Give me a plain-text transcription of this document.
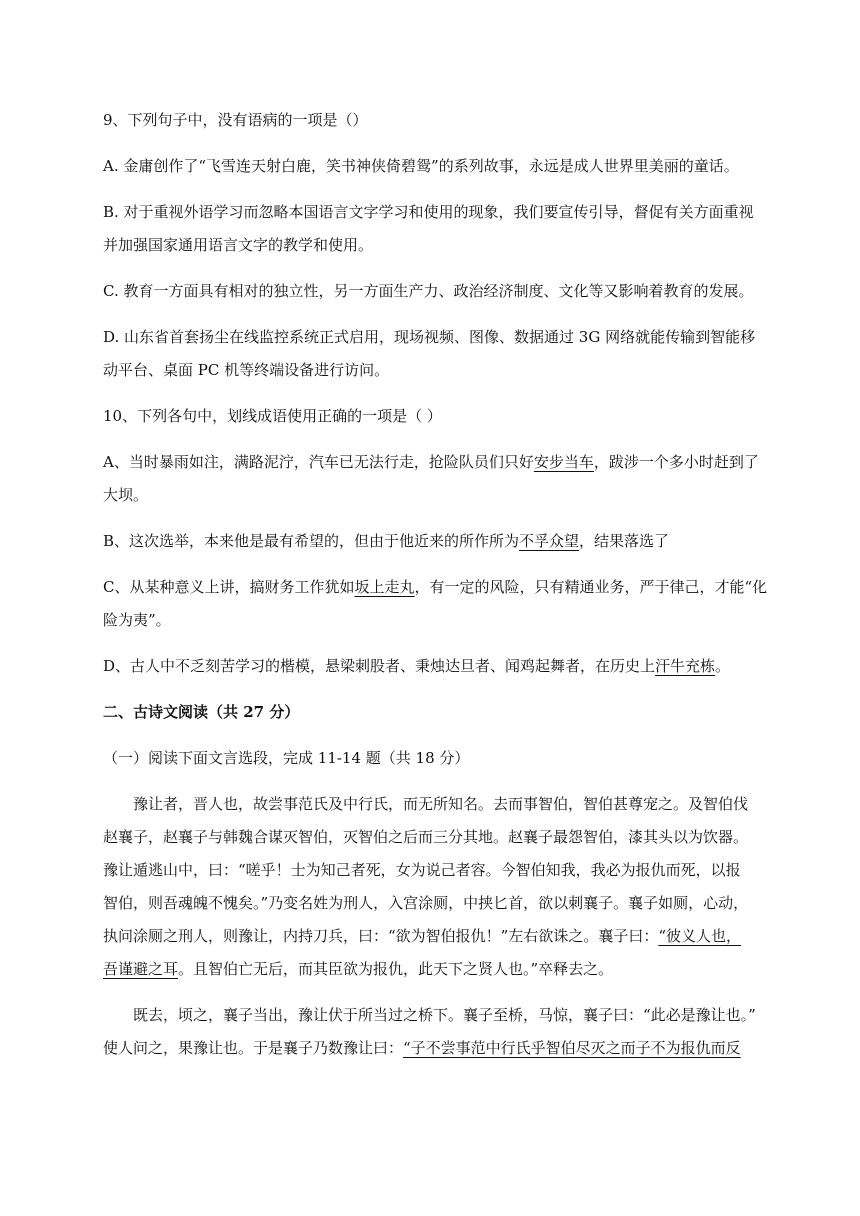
9、下列句子中，没有语病的一项是（）
A. 金庸创作了“飞雪连天射白鹿，笑书神侠倚碧鸳”的系列故事，永远是成人世界里美丽的童话。
B. 对于重视外语学习而忽略本国语言文字学习和使用的现象，我们要宣传引导，督促有关方面重视
并加强国家通用语言文字的教学和使用。
C. 教育一方面具有相对的独立性，另一方面生产力、政治经济制度、文化等又影响着教育的发展。
D. 山东省首套扬尘在线监控系统正式启用，现场视频、图像、数据通过 3G 网络就能传输到智能移
动平台、桌面 PC 机等终端设备进行访问。
10、下列各句中，划线成语使用正确的一项是（ ）
A、当时暴雨如注，满路泥泞，汽车已无法行走，抢险队员们只好安步当车，跋涉一个多小时赶到了
大坝。
B、这次选举，本来他是最有希望的，但由于他近来的所作所为不孚众望，结果落选了
C、从某种意义上讲，搞财务工作犹如坂上走丸，有一定的风险，只有精通业务，严于律己，才能“化
险为夷”。
D、古人中不乏刻苦学习的楷模，悬梁刺股者、秉烛达旦者、闻鸡起舞者，在历史上汗牛充栋。
二、古诗文阅读（共 27 分）
（一）阅读下面文言选段，完成 11-14 题（共 18 分）
豫让者，晋人也，故尝事范氏及中行氏，而无所知名。去而事智伯，智伯甚尊宠之。及智伯伐
赵襄子，赵襄子与韩魏合谋灭智伯，灭智伯之后而三分其地。赵襄子最怨智伯，漆其头以为饮器。
豫让遁逃山中，曰：“嗟乎！士为知己者死，女为说己者容。今智伯知我，我必为报仇而死，以报
智伯，则吾魂魄不愧矣。”乃变名姓为刑人，入宫涂厕，中挟匕首，欲以刺襄子。襄子如厕，心动，
执问涂厕之刑人，则豫让，内持刀兵，曰：“欲为智伯报仇！”左右欲诛之。襄子曰：“彼义人也，
吾谨避之耳。且智伯亡无后，而其臣欲为报仇，此天下之贤人也。”卒释去之。
既去，顷之，襄子当出，豫让伏于所当过之桥下。襄子至桥，马惊，襄子曰：“此必是豫让也。”
使人问之，果豫让也。于是襄子乃数豫让曰：“子不尝事范中行氏乎智伯尽灭之而子不为报仇而反
